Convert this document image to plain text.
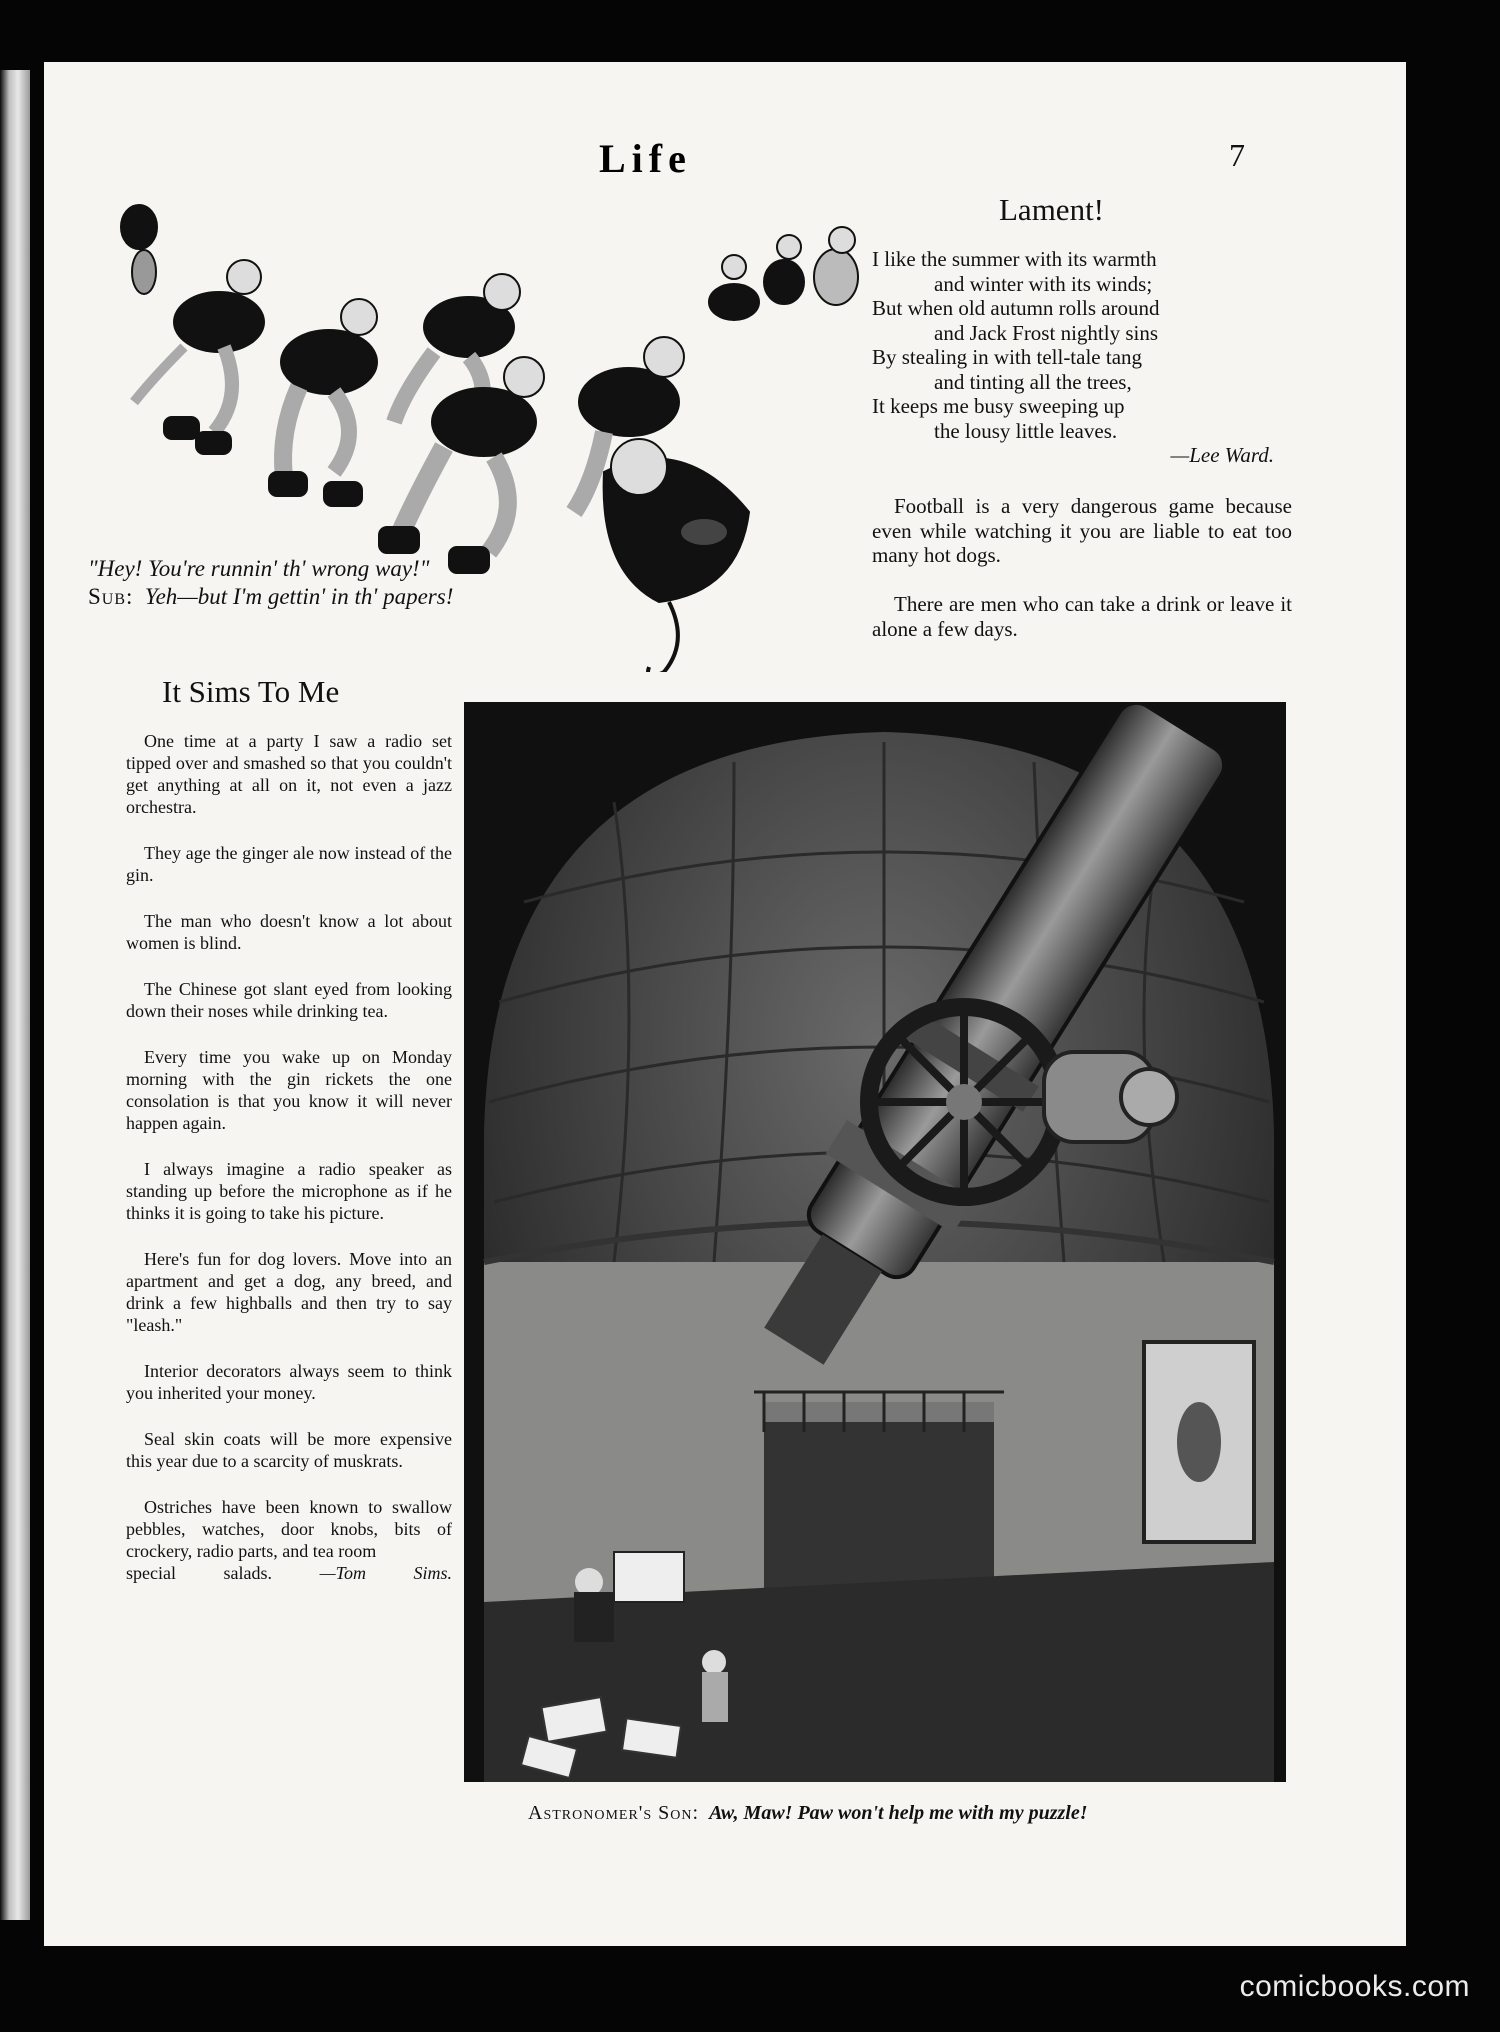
Life	7
"Hey! You're runnin' th' wrong way!"
Sub: Yeh—but I'm gettin' in th' papers!
Lament!
I like the summer with its warmth
and winter with its winds;
But when old autumn rolls around
and Jack Frost nightly sins
By stealing in with tell-tale tang
and tinting all the trees,
It keeps me busy sweeping up
the lousy little leaves.
—Lee Ward.

Football is a very dangerous game because even while watching it you are liable to eat too many hot dogs.

There are men who can take a drink or leave it alone a few days.

It Sims To Me

One time at a party I saw a radio set tipped over and smashed so that you couldn't get anything at all on it, not even a jazz orchestra.

They age the ginger ale now instead of the gin.

The man who doesn't know a lot about women is blind.

The Chinese got slant eyed from looking down their noses while drinking tea.

Every time you wake up on Monday morning with the gin rickets the one consolation is that you know it will never happen again.

I always imagine a radio speaker as standing up before the microphone as if he thinks it is going to take his picture.

Here's fun for dog lovers. Move into an apartment and get a dog, any breed, and drink a few highballs and then try to say "leash."

Interior decorators always seem to think you inherited your money.

Seal skin coats will be more expensive this year due to a scarcity of muskrats.

Ostriches have been known to swallow pebbles, watches, door knobs, bits of crockery, radio parts, and tea room

special salads.	—Tom Sims.
Astronomer's Son: Aw, Maw! Paw won't help me with my puzzle!
comicbooks.com
